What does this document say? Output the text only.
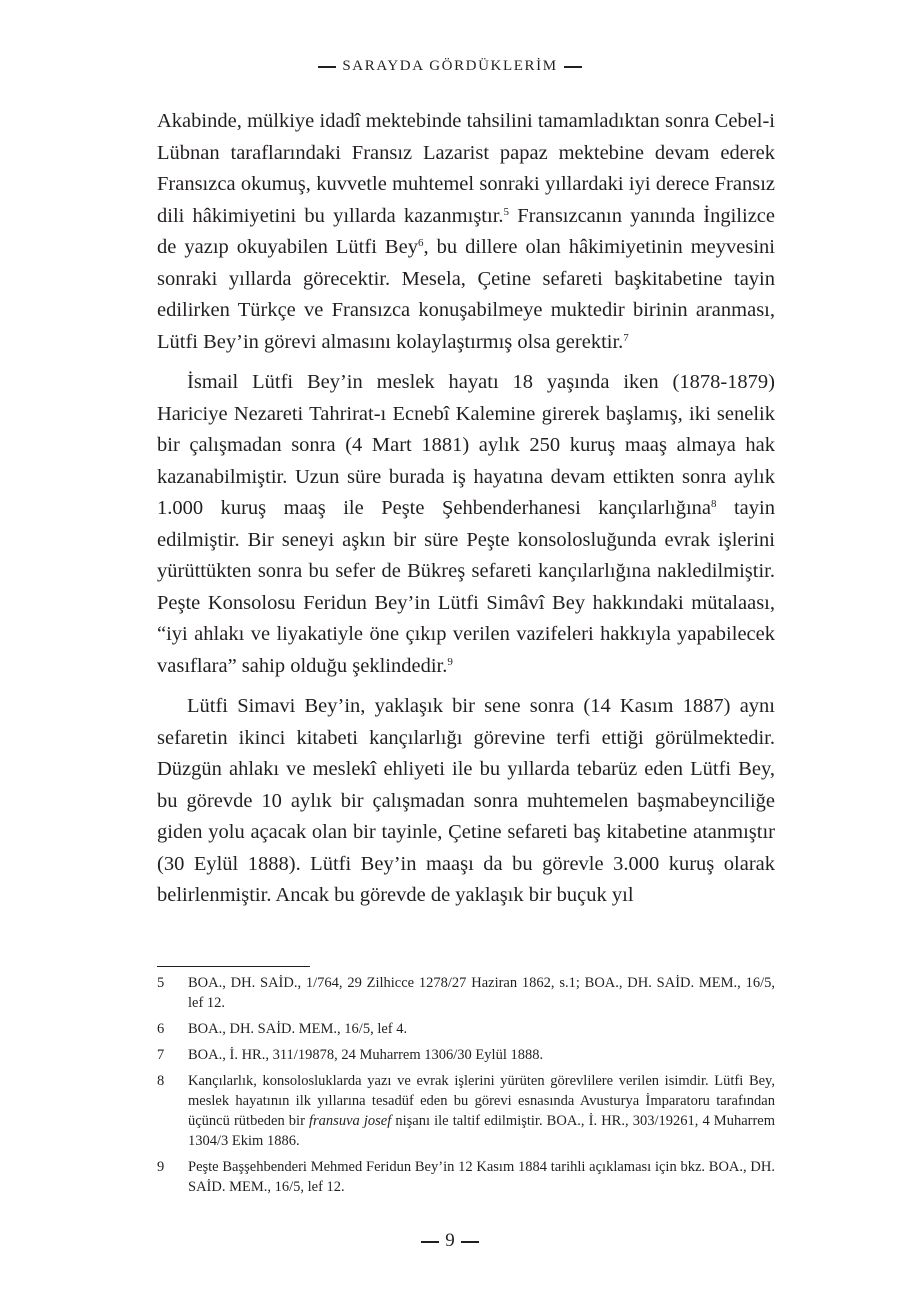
SARAYDA GÖRDÜKLERİM

Akabinde, mülkiye idadî mektebinde tahsilini tamamladıktan sonra Cebel-i Lübnan taraflarındaki Fransız Lazarist papaz mektebine devam ederek Fransızca okumuş, kuvvetle muhtemel sonraki yıllardaki iyi derece Fransız dili hâkimiyetini bu yıllarda kazanmıştır.$^5$ Fransızcanın yanında İngilizce de yazıp okuyabilen Lütfi Bey$^6$, bu dillere olan hâkimiyetinin meyvesini sonraki yıllarda görecektir. Mesela, Çetine sefareti başkitabetine tayin edilirken Türkçe ve Fransızca konuşabilmeye muktedir birinin aranması, Lütfi Bey’in görevi almasını kolaylaştırmış olsa gerektir.$^7$

İsmail Lütfi Bey’in meslek hayatı 18 yaşında iken (1878-1879) Hariciye Nezareti Tahrirat-ı Ecnebî Kalemine girerek başlamış, iki senelik bir çalışmadan sonra (4 Mart 1881) aylık 250 kuruş maaş almaya hak kazanabilmiştir. Uzun süre burada iş hayatına devam ettikten sonra aylık 1.000 kuruş maaş ile Peşte Şehbenderhanesi kançılarlığına$^8$ tayin edilmiştir. Bir seneyi aşkın bir süre Peşte konsolosluğunda evrak işlerini yürüttükten sonra bu sefer de Bükreş sefareti kançılarlığına nakledilmiştir. Peşte Konsolosu Feridun Bey’in Lütfi Simâvî Bey hakkındaki mütalaası, “iyi ahlakı ve liyakatiyle öne çıkıp verilen vazifeleri hakkıyla yapabilecek vasıflara” sahip olduğu şeklindedir.$^9$

Lütfi Simavi Bey’in, yaklaşık bir sene sonra (14 Kasım 1887) aynı sefaretin ikinci kitabeti kançılarlığı görevine terfi ettiği görülmektedir. Düzgün ahlakı ve meslekî ehliyeti ile bu yıllarda tebarüz eden Lütfi Bey, bu görevde 10 aylık bir çalışmadan sonra muhtemelen başmabeynciliğe giden yolu açacak olan bir tayinle, Çetine sefareti baş kitabetine atanmıştır (30 Eylül 1888). Lütfi Bey’in maaşı da bu görevle 3.000 kuruş olarak belirlenmiştir. Ancak bu görevde de yaklaşık bir buçuk yıl

5	BOA., DH. SAİD., 1/764, 29 Zilhicce 1278/27 Haziran 1862, s.1; BOA., DH. SAİD. MEM., 16/5, lef 12.
6	BOA., DH. SAİD. MEM., 16/5, lef 4.
7	BOA., İ. HR., 311/19878, 24 Muharrem 1306/30 Eylül 1888.
8	Kançılarlık, konsolosluklarda yazı ve evrak işlerini yürüten görevlilere verilen isimdir. Lütfi Bey, meslek hayatının ilk yıllarına tesadüf eden bu görevi esnasında Avusturya İmparatoru tarafından üçüncü rütbeden bir fransuva josef nişanı ile taltif edilmiştir. BOA., İ. HR., 303/19261, 4 Muharrem 1304/3 Ekim 1886.
9	Peşte Başşehbenderi Mehmed Feridun Bey’in 12 Kasım 1884 tarihli açıklaması için bkz. BOA., DH. SAİD. MEM., 16/5, lef 12.
9
